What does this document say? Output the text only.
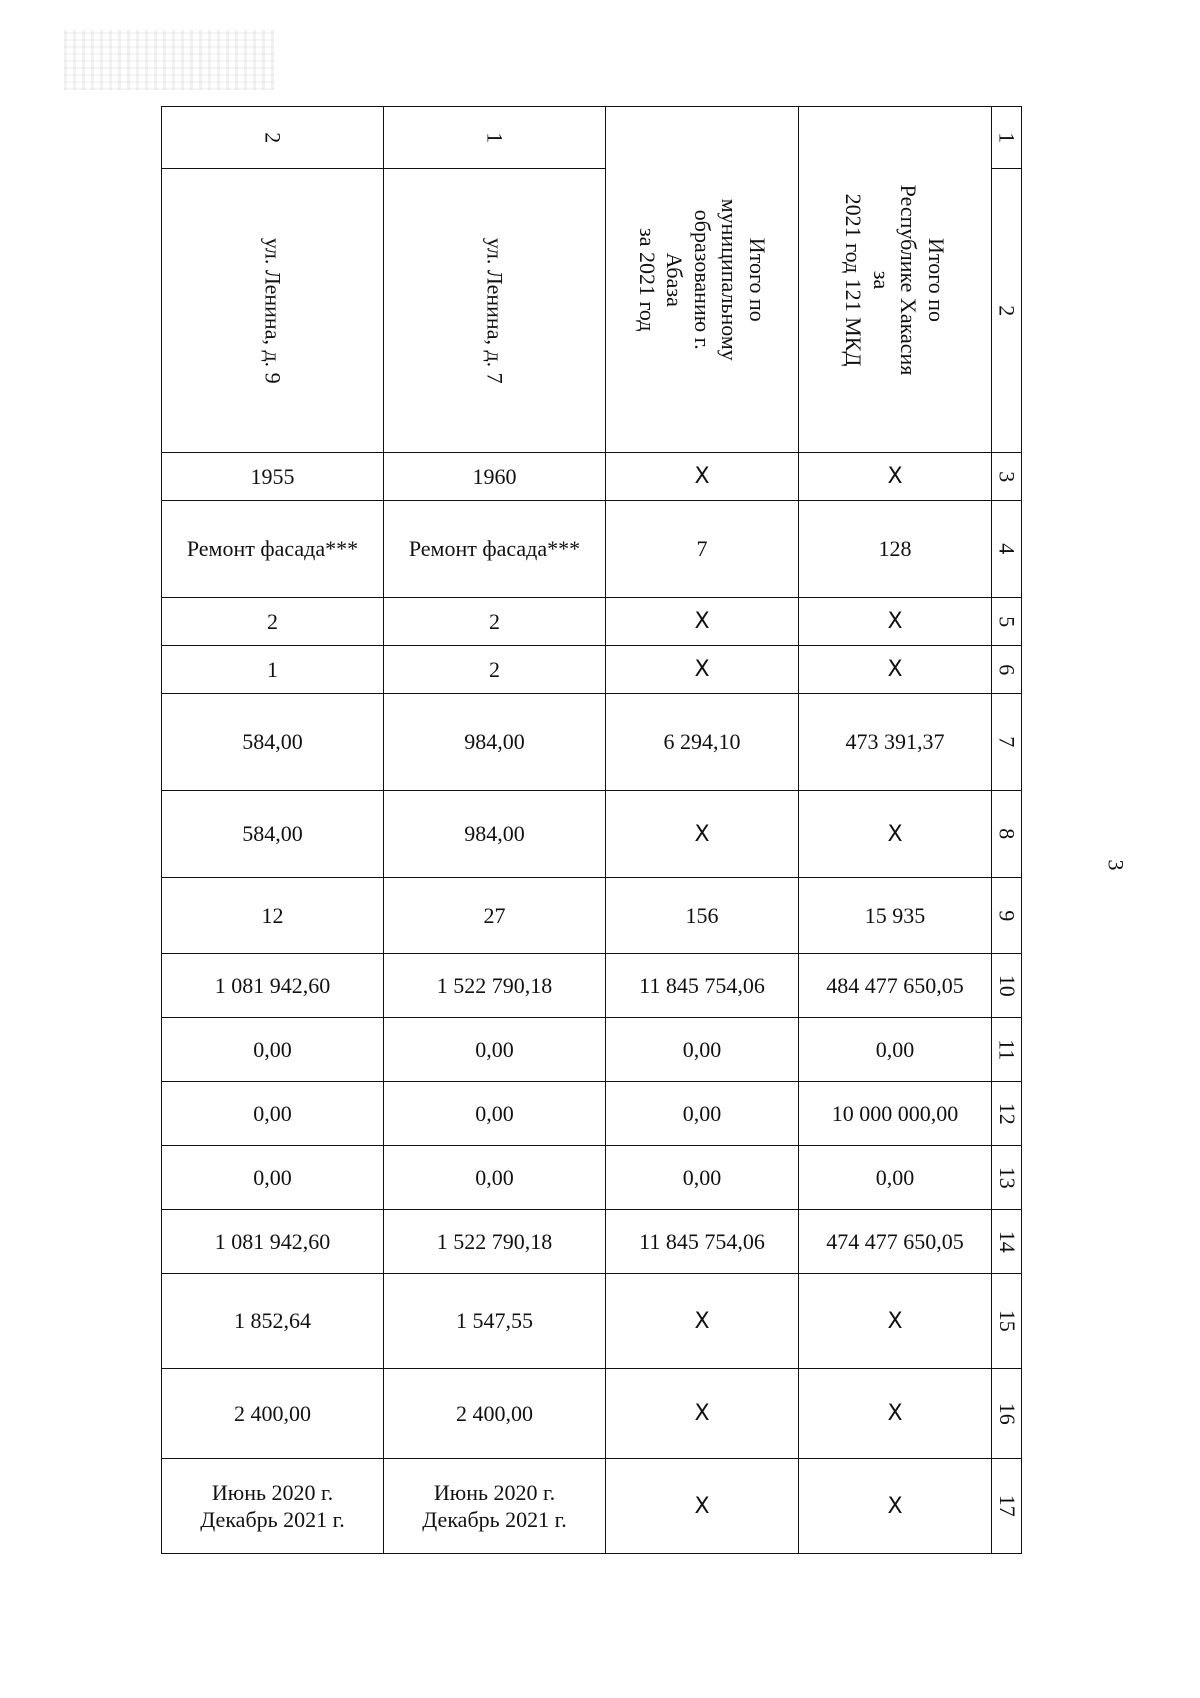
3
2	1	Итого по муниципальному
образованию г. Абаза
за 2021 год	Итого по Республике Хакасия за
2021 год 121 МКД	1
ул. Ленина, д. 9	ул. Ленина, д. 7			2
1955	1960	X	X	3
Ремонт фасада***	Ремонт фасада***	7	128	4
2	2	X	X	5
1	2	X	X	6
584,00	984,00	6 294,10	473 391,37	7
584,00	984,00	X	X	8
12	27	156	15 935	9
1 081 942,60	1 522 790,18	11 845 754,06	484 477 650,05	10
0,00	0,00	0,00	0,00	11
0,00	0,00	0,00	10 000 000,00	12
0,00	0,00	0,00	0,00	13
1 081 942,60	1 522 790,18	11 845 754,06	474 477 650,05	14
1 852,64	1 547,55	X	X	15
2 400,00	2 400,00	X	X	16
Июнь 2020 г.
Декабрь 2021 г.	Июнь 2020 г.
Декабрь 2021 г.	X	X	17
